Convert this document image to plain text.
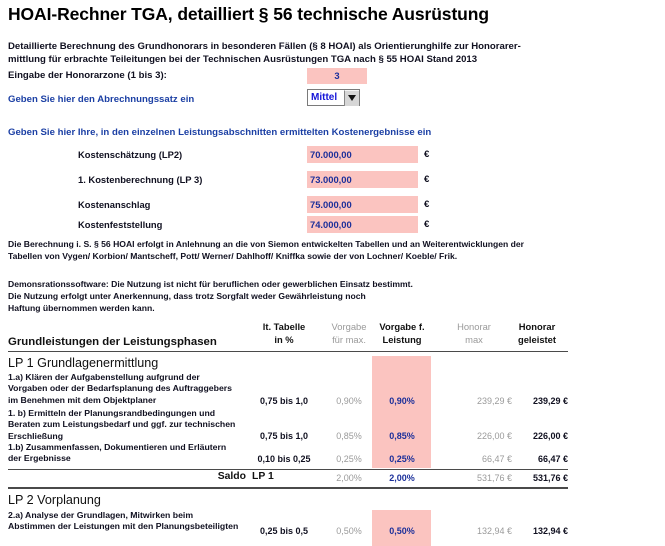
HOAI-Rechner TGA, detailliert § 56 technische Ausrüstung
Detaillierte Berechnung des Grundhonorars in besonderen Fällen (§ 8 HOAI) als Orientierunghilfe zur Honorarer-
mittlung für erbrachte Teileitungen bei der Technischen Ausrüstungen TGA nach § 55 HOAI Stand 2013
Eingabe der Honorarzone (1 bis 3):	3
Geben Sie hier den Abrechnungssatz ein	Mittel
Geben Sie hier Ihre, in den einzelnen Leistungsabschnitten ermittelten Kostenergebnisse ein
Kostenschätzung (LP2)	70.000,00	€
1. Kostenberechnung (LP 3)	73.000,00	€
Kostenanschlag	75.000,00	€
Kostenfeststellung	74.000,00	€
Die Berechnung i. S. § 56 HOAI erfolgt in Anlehnung an die von Siemon entwickelten Tabellen und an Weiterentwicklungen der
Tabellen von Vygen/ Korbion/ Mantscheff, Pott/ Werner/ Dahlhoff/ Kniffka sowie der von Lochner/ Koeble/ Frik.
Demonsrationssoftware: Die Nutzung ist nicht für beruflichen oder gewerblichen Einsatz bestimmt.
Die Nutzung erfolgt unter Anerkennung, dass trotz Sorgfalt weder Gewährleistung noch
Haftung übernommen werden kann.
lt. Tabelle
in %
Vorgabe
für max.
Vorgabe f.
Leistung
Honorar
max
Honorar
geleistet
Grundleistungen der Leistungsphasen
LP 1 Grundlagenermittlung
1.a) Klären der Aufgabenstellung aufgrund der
Vorgaben oder der Bedarfsplanung des Auftraggebers
im Benehmen mit dem Objektplaner	0,75 bis 1,0	0,90%	0,90%	239,29 €	239,29 €
1. b) Ermitteln der Planungsrandbedingungen und
Beraten zum Leistungsbedarf und ggf. zur technischen
Erschließung	0,75 bis 1,0	0,85%	0,85%	226,00 €	226,00 €
1.b) Zusammenfassen, Dokumentieren und Erläutern
der Ergebnisse	0,10 bis 0,25	0,25%	0,25%	66,47 €	66,47 €
Saldo LP 1	2,00%	2,00%	531,76 €	531,76 €
LP 2 Vorplanung
2.a) Analyse der Grundlagen, Mitwirken beim
Abstimmen der Leistungen mit den Planungsbeteiligten	0,25 bis 0,5	0,50%	0,50%	132,94 €	132,94 €
